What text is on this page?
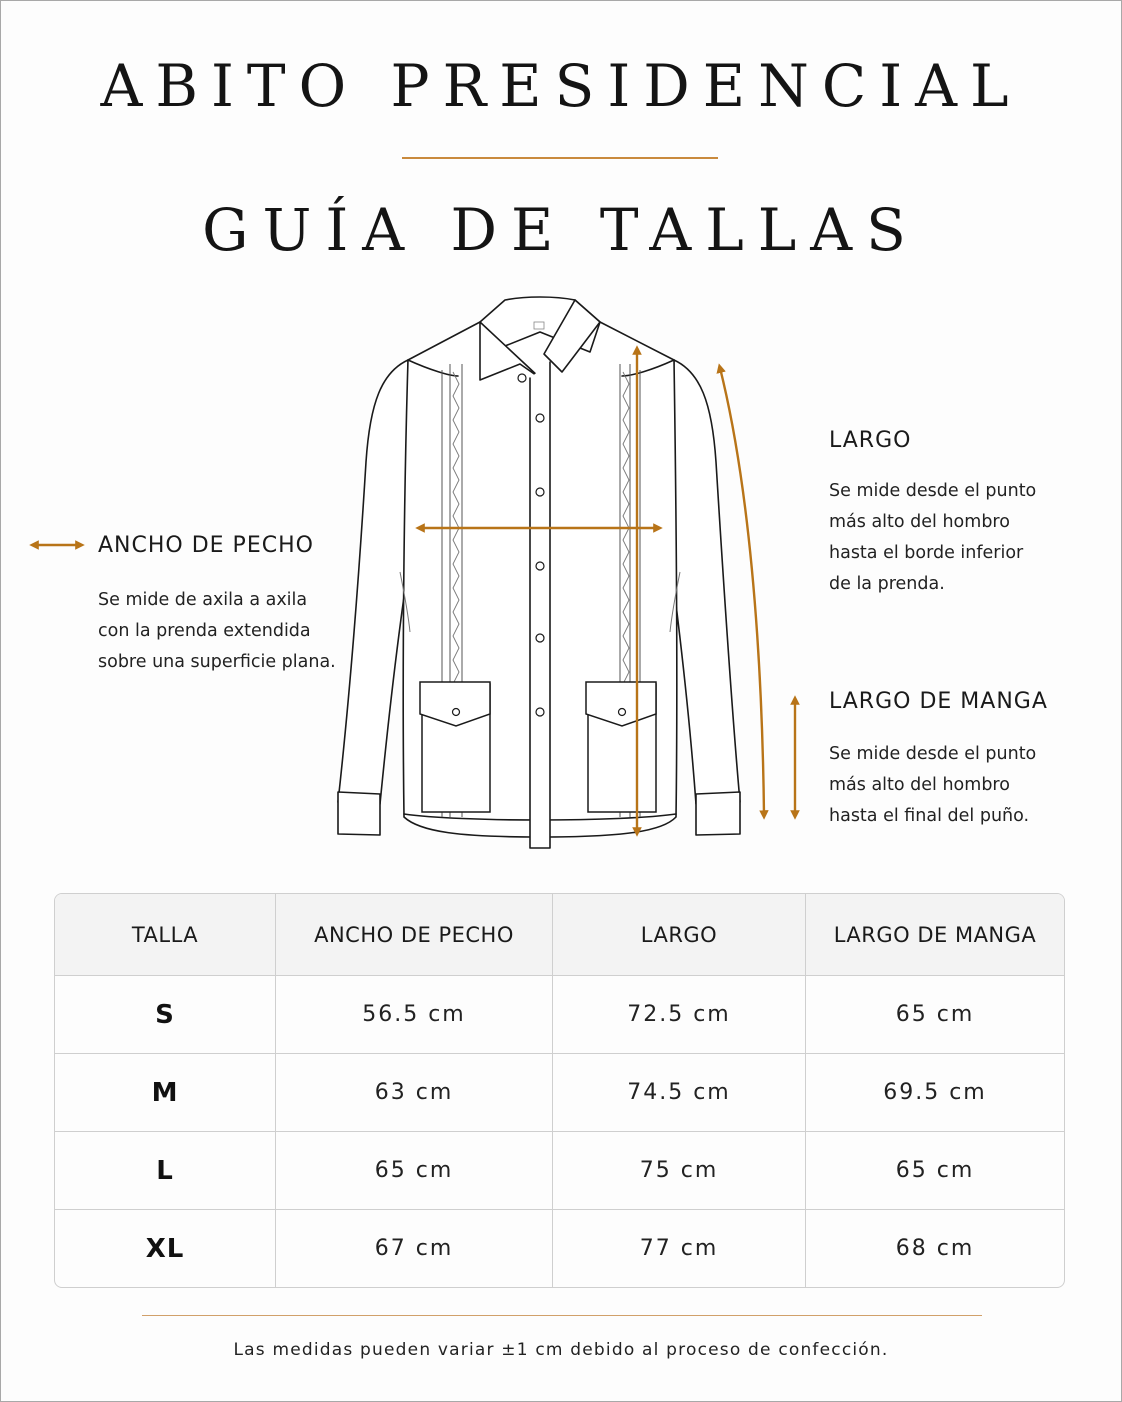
ABITO PRESIDENCIAL
GUÍA DE TALLAS
ANCHO DE PECHO
Se mide de axila a axila
con la prenda extendida
sobre una superficie plana.
LARGO
Se mide desde el punto
más alto del hombro
hasta el borde inferior
de la prenda.
LARGO DE MANGA
Se mide desde el punto
más alto del hombro
hasta el final del puño.
TALLA	ANCHO DE PECHO	LARGO	LARGO DE MANGA
S	56.5 cm	72.5 cm	65 cm
M	63 cm	74.5 cm	69.5 cm
L	65 cm	75 cm	65 cm
XL	67 cm	77 cm	68 cm
Las medidas pueden variar ±1 cm debido al proceso de confección.
